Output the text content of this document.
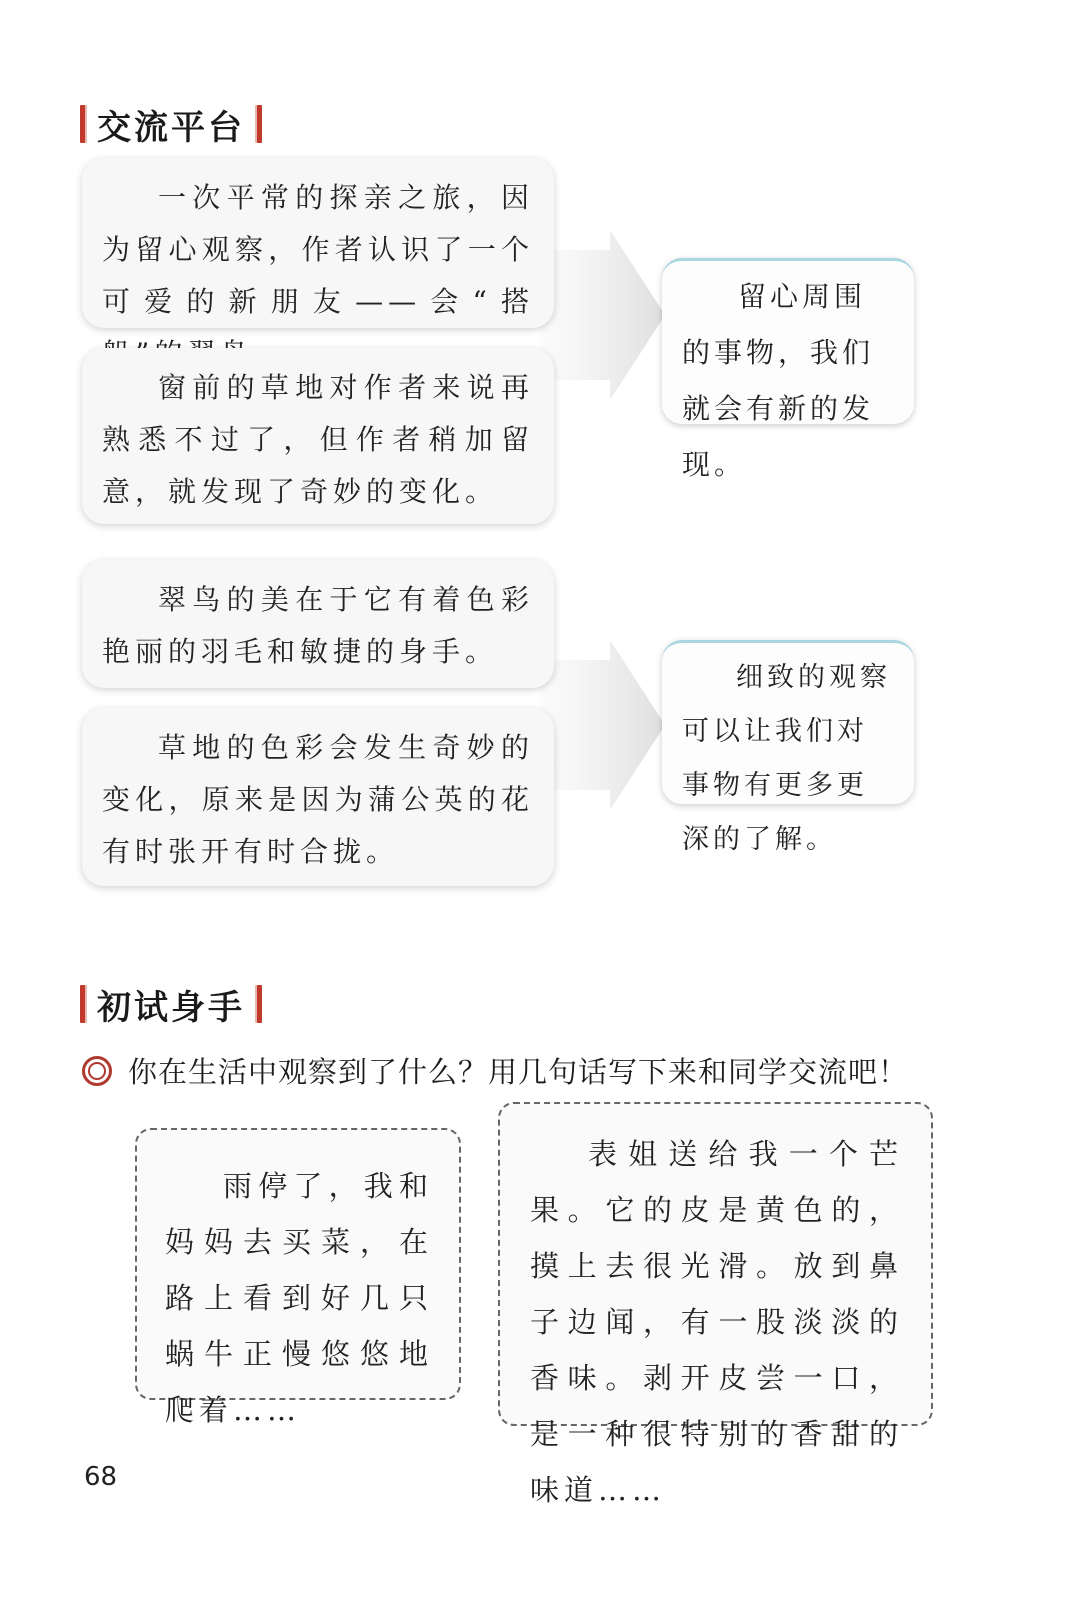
交流平台

一次平常的探亲之旅，因为留心观察，作者认识了一个可爱的新朋友——会“搭

窗前的草地对作者来说再熟悉不过了，但作者稍加留意，就发现了奇妙的变化。

留心周围的事物，我们就会有新的发现。

翠鸟的美在于它有着色彩艳丽的羽毛和敏捷的身手。

草地的色彩会发生奇妙的变化，原来是因为蒲公英的花有时张开有时合拢。

细致的观察可以让我们对事物有更多更深的了解。

初试身手
你在生活中观察到了什么？用几句话写下来和同学交流吧！

雨停了，我和妈妈去买菜，在路上看到好几只蜗牛正慢悠悠地爬着……

表姐送给我一个芒果。它的皮是黄色的，摸上去很光滑。放到鼻子边闻，有一股淡淡的香味。剥开皮尝一口，是一种很特别的香甜的味道……

68
